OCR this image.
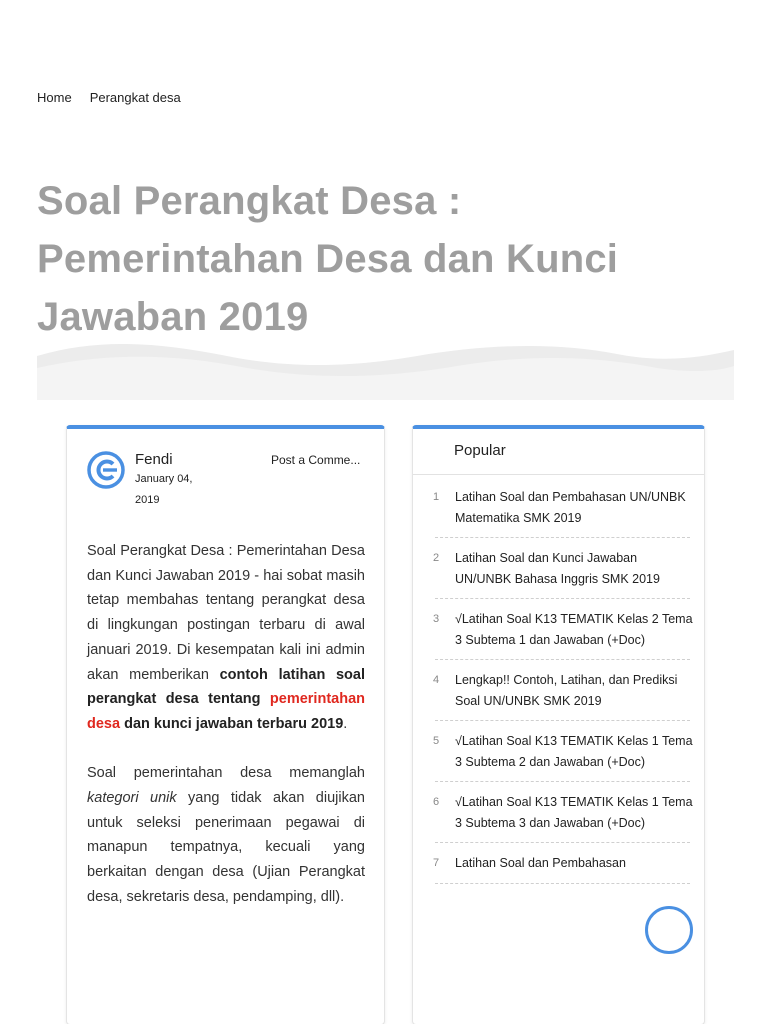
Home Perangkat desa
Soal Perangkat Desa : Pemerintahan Desa dan Kunci Jawaban 2019
Fendi
January 04, 2019
Post a Comme...

Soal Perangkat Desa : Pemerintahan Desa dan Kunci Jawaban 2019 - hai sobat masih tetap membahas tentang perangkat desa di lingkungan postingan terbaru di awal januari 2019. Di kesempatan kali ini admin akan memberikan contoh latihan soal perangkat desa tentang pemerintahan desa dan kunci jawaban terbaru 2019.

Soal pemerintahan desa memanglah kategori unik yang tidak akan diujikan untuk seleksi penerimaan pegawai di manapun tempatnya, kecuali yang berkaitan dengan desa (Ujian Perangkat desa, sekretaris desa, pendamping, dll).

Popular
1 Latihan Soal dan Pembahasan UN/UNBK Matematika SMK 2019
2 Latihan Soal dan Kunci Jawaban UN/UNBK Bahasa Inggris SMK 2019
3 √Latihan Soal K13 TEMATIK Kelas 2 Tema 3 Subtema 1 dan Jawaban (+Doc)
4 Lengkap!! Contoh, Latihan, dan Prediksi Soal UN/UNBK SMK 2019
5 √Latihan Soal K13 TEMATIK Kelas 1 Tema 3 Subtema 2 dan Jawaban (+Doc)
6 √Latihan Soal K13 TEMATIK Kelas 1 Tema 3 Subtema 3 dan Jawaban (+Doc)
7 Latihan Soal dan Pembahasan
